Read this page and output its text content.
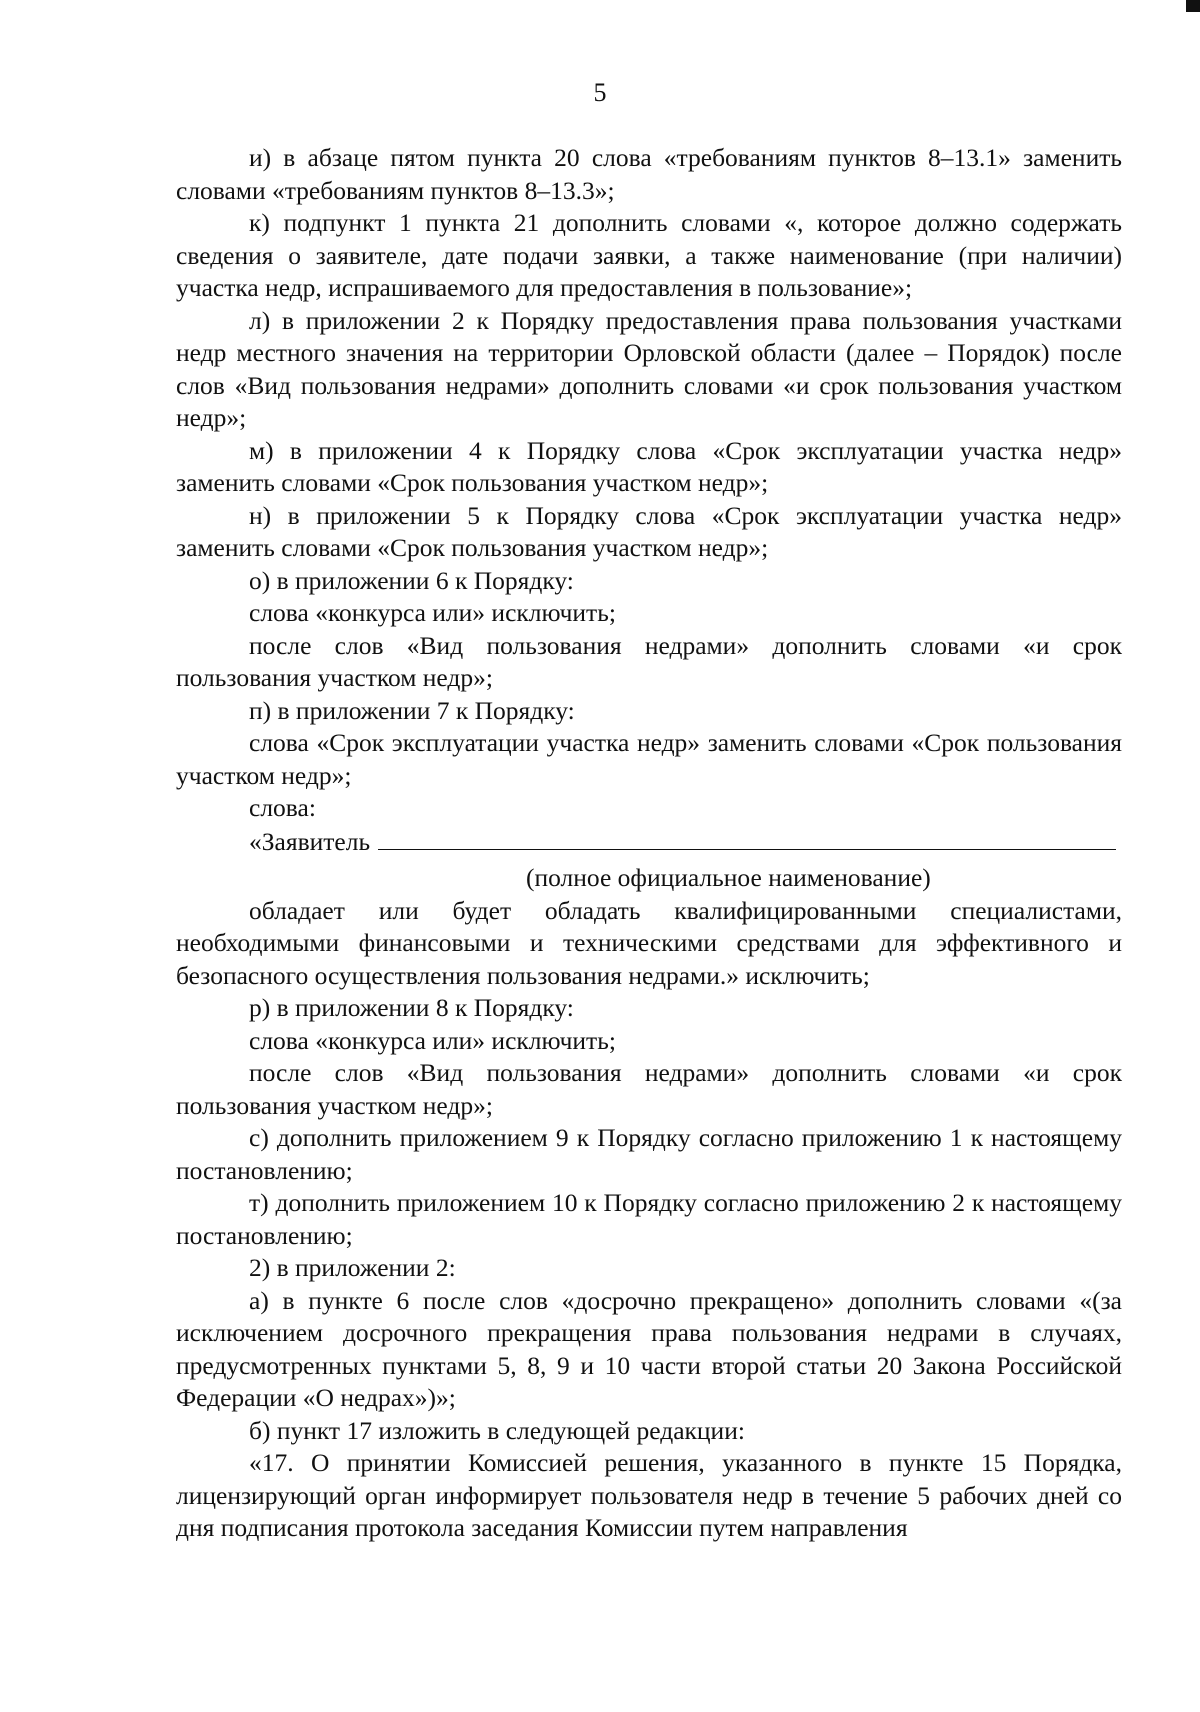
5

и) в абзаце пятом пункта 20 слова «требованиям пунктов 8–13.1» заменить словами «требованиям пунктов 8–13.3»;

к) подпункт 1 пункта 21 дополнить словами «, которое должно содержать сведения о заявителе, дате подачи заявки, а также наименование (при наличии) участка недр, испрашиваемого для предоставления в пользование»;

л) в приложении 2 к Порядку предоставления права пользования участками недр местного значения на территории Орловской области (далее – Порядок) после слов «Вид пользования недрами» дополнить словами «и срок пользования участком недр»;

м) в приложении 4 к Порядку слова «Срок эксплуатации участка недр» заменить словами «Срок пользования участком недр»;

н) в приложении 5 к Порядку слова «Срок эксплуатации участка недр» заменить словами «Срок пользования участком недр»;

о) в приложении 6 к Порядку:

слова «конкурса или» исключить;

после слов «Вид пользования недрами» дополнить словами «и срок пользования участком недр»;

п) в приложении 7 к Порядку:

слова «Срок эксплуатации участка недр» заменить словами «Срок пользования участком недр»;

слова:

«Заявитель

(полное официальное наименование)

обладает или будет обладать квалифицированными специалистами, необходимыми финансовыми и техническими средствами для эффективного и безопасного осуществления пользования недрами.» исключить;

р) в приложении 8 к Порядку:

слова «конкурса или» исключить;

после слов «Вид пользования недрами» дополнить словами «и срок пользования участком недр»;

с) дополнить приложением 9 к Порядку согласно приложению 1 к настоящему постановлению;

т) дополнить приложением 10 к Порядку согласно приложению 2 к настоящему постановлению;

2) в приложении 2:

а) в пункте 6 после слов «досрочно прекращено» дополнить словами «(за исключением досрочного прекращения права пользования недрами в случаях, предусмотренных пунктами 5, 8, 9 и 10 части второй статьи 20 Закона Российской Федерации «О недрах»)»;

б) пункт 17 изложить в следующей редакции:

«17. О принятии Комиссией решения, указанного в пункте 15 Порядка, лицензирующий орган информирует пользователя недр в течение 5 рабочих дней со дня подписания протокола заседания Комиссии путем направления
